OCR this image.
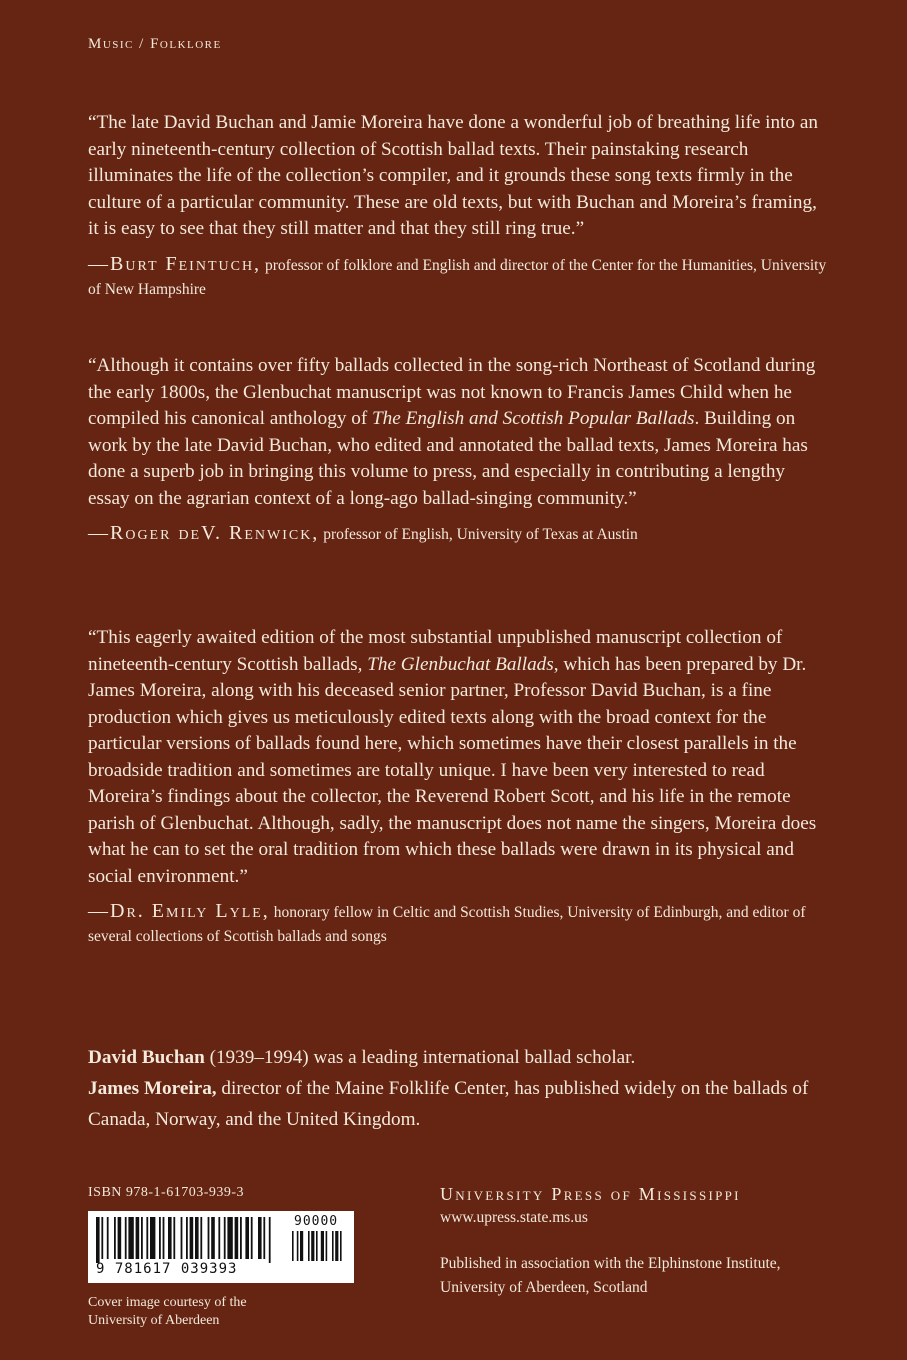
Music / Folklore

“The late David Buchan and Jamie Moreira have done a wonderful job of breathing life into an early nineteenth-century collection of Scottish ballad texts. Their painstaking research illuminates the life of the collection’s compiler, and it grounds these song texts firmly in the culture of a particular community. These are old texts, but with Buchan and Moreira’s framing, it is easy to see that they still matter and that they still ring true.”

—Burt Feintuch, professor of folklore and English and director of the Center for the Humanities, University of New Hampshire

“Although it contains over fifty ballads collected in the song-rich Northeast of Scotland during the early 1800s, the Glenbuchat manuscript was not known to Francis James Child when he compiled his canonical anthology of The English and Scottish Popular Ballads. Building on work by the late David Buchan, who edited and annotated the ballad texts, James Moreira has done a superb job in bringing this volume to press, and especially in contributing a lengthy essay on the agrarian context of a long-ago ballad-singing community.”

—Roger deV. Renwick, professor of English, University of Texas at Austin

“This eagerly awaited edition of the most substantial unpublished manuscript collection of nineteenth-century Scottish ballads, The Glenbuchat Ballads, which has been prepared by Dr. James Moreira, along with his deceased senior partner, Professor David Buchan, is a fine production which gives us meticulously edited texts along with the broad context for the particular versions of ballads found here, which sometimes have their closest parallels in the broadside tradition and sometimes are totally unique. I have been very interested to read Moreira’s findings about the collector, the Reverend Robert Scott, and his life in the remote parish of Glenbuchat. Although, sadly, the manuscript does not name the singers, Moreira does what he can to set the oral tradition from which these ballads were drawn in its physical and social environment.”

—Dr. Emily Lyle, honorary fellow in Celtic and Scottish Studies, University of Edinburgh, and editor of several collections of Scottish ballads and songs
David Buchan (1939–1994) was a leading international ballad scholar.
James Moreira, director of the Maine Folklife Center, has published widely on the ballads of Canada, Norway, and the United Kingdom.
ISBN 978-1-61703-939-3
9 781617 039393
90000
Cover image courtesy of the University of Aberdeen
University Press of Mississippi
www.upress.state.ms.us
Published in association with the Elphinstone Institute, University of Aberdeen, Scotland
